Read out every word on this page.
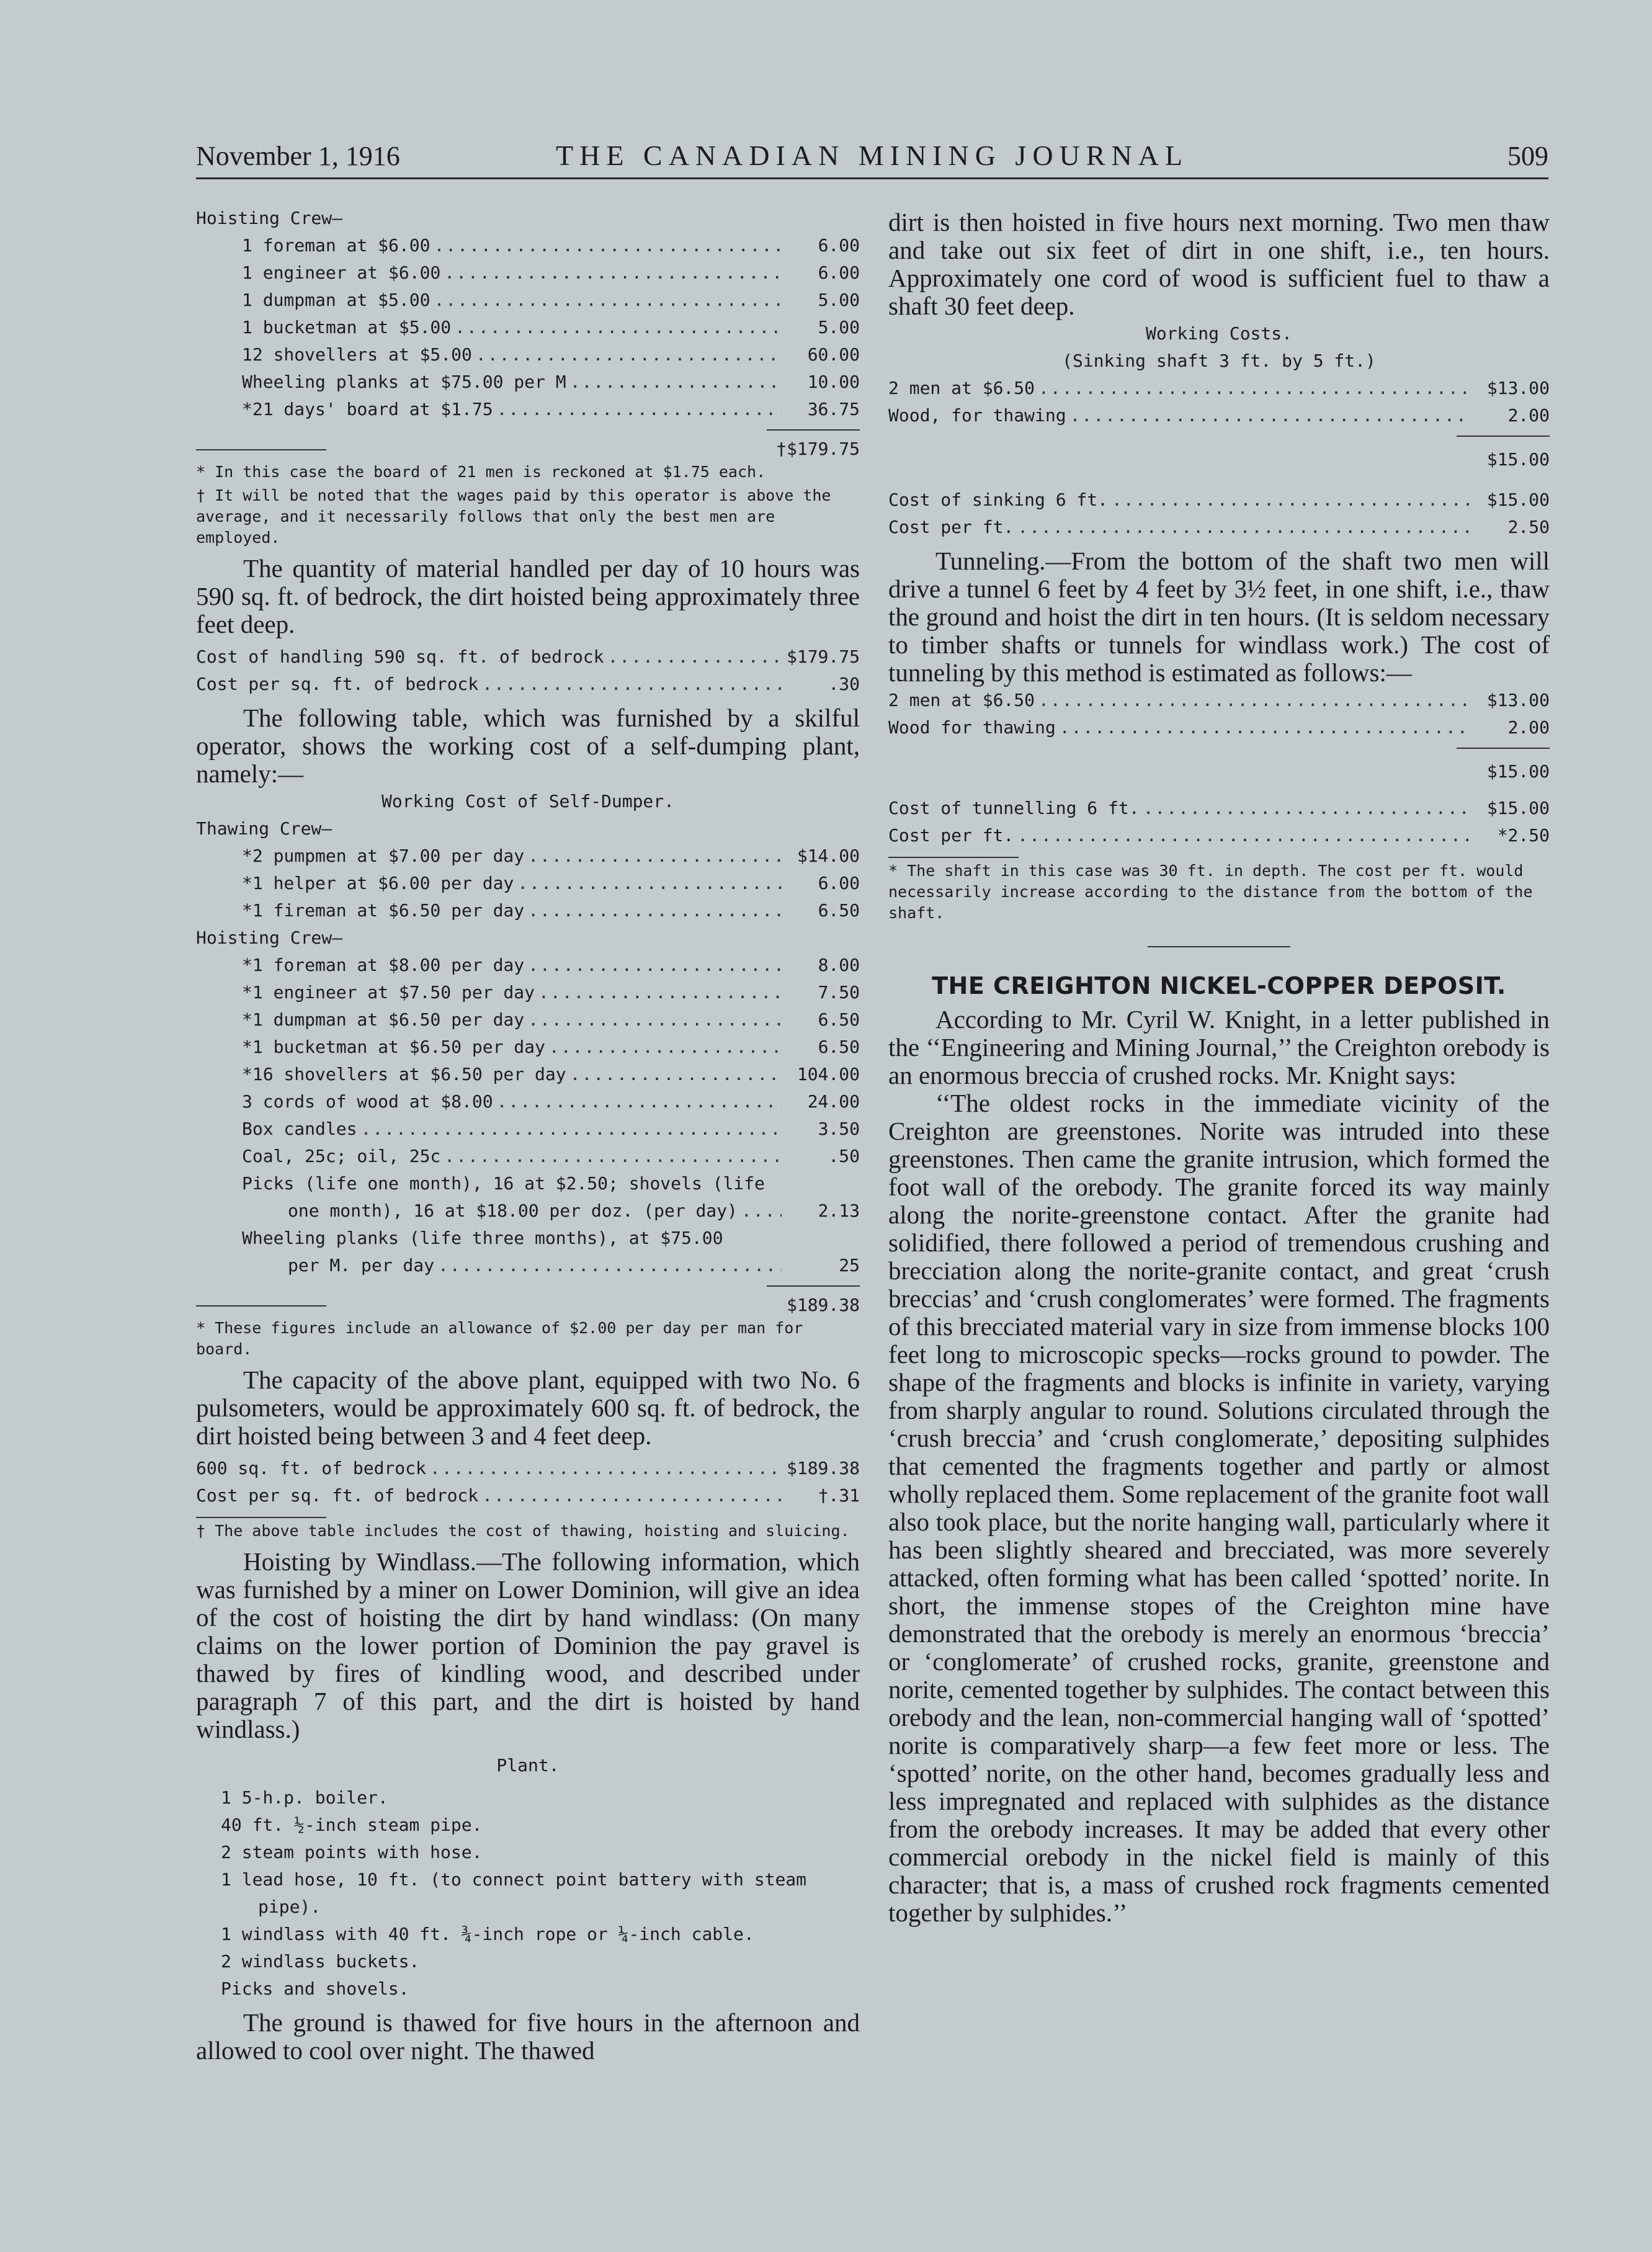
November 1, 1916	THE CANADIAN MINING JOURNAL	509
Hoisting Crew—
1 foreman at $6.00 .....	6.00
1 engineer at $6.00 .....	6.00
1 dumpman at $5.00 .....	5.00
1 bucketman at $5.00 .....	5.00
12 shovellers at $5.00 .....	60.00
Wheeling planks at $75.00 per M .....	10.00
*21 days' board at $1.75 .....	36.75
†$179.75

* In this case the board of 21 men is reckoned at $1.75 each.

† It will be noted that the wages paid by this operator is above the average, and it necessarily follows that only the best men are employed.

The quantity of material handled per day of 10 hours was 590 sq. ft. of bedrock, the dirt hoisted being approximately three feet deep.

Cost of handling 590 sq. ft. of bedrock .....	$179.75
Cost per sq. ft. of bedrock .....	.30

The following table, which was furnished by a skilful operator, shows the working cost of a self-dumping plant, namely:—

Working Cost of Self-Dumper.
Thawing Crew—
*2 pumpmen at $7.00 per day .....	$14.00
*1 helper at $6.00 per day .....	6.00
*1 fireman at $6.50 per day .....	6.50
Hoisting Crew—
*1 foreman at $8.00 per day .....	8.00
*1 engineer at $7.50 per day .....	7.50
*1 dumpman at $6.50 per day .....	6.50
*1 bucketman at $6.50 per day .....	6.50
*16 shovellers at $6.50 per day .....	104.00
3 cords of wood at $8.00 .....	24.00
Box candles .....	3.50
Coal, 25c; oil, 25c .....	.50
Picks (life one month), 16 at $2.50; shovels (life
one month), 16 at $18.00 per doz. (per day) .....	2.13
Wheeling planks (life three months), at $75.00
per M. per day .....	25
$189.38

* These figures include an allowance of $2.00 per day per man for board.

The capacity of the above plant, equipped with two No. 6 pulsometers, would be approximately 600 sq. ft. of bedrock, the dirt hoisted being between 3 and 4 feet deep.

600 sq. ft. of bedrock .....	$189.38
Cost per sq. ft. of bedrock .....	†.31

† The above table includes the cost of thawing, hoisting and sluicing.

Hoisting by Windlass.—The following information, which was furnished by a miner on Lower Dominion, will give an idea of the cost of hoisting the dirt by hand windlass: (On many claims on the lower portion of Dominion the pay gravel is thawed by fires of kindling wood, and described under paragraph 7 of this part, and the dirt is hoisted by hand windlass.)

Plant.
1 5-h.p. boiler.
40 ft. ½-inch steam pipe.
2 steam points with hose.
1 lead hose, 10 ft. (to connect point battery with steam
pipe).
1 windlass with 40 ft. ¾-inch rope or ¼-inch cable.
2 windlass buckets.
Picks and shovels.

The ground is thawed for five hours in the afternoon and allowed to cool over night. The thawed

dirt is then hoisted in five hours next morning. Two men thaw and take out six feet of dirt in one shift, i.e., ten hours. Approximately one cord of wood is sufficient fuel to thaw a shaft 30 feet deep.

Working Costs.
(Sinking shaft 3 ft. by 5 ft.)
2 men at $6.50 .....	$13.00
Wood, for thawing .....	2.00
$15.00
Cost of sinking 6 ft. .....	$15.00
Cost per ft. .....	2.50

Tunneling.—From the bottom of the shaft two men will drive a tunnel 6 feet by 4 feet by 3½ feet, in one shift, i.e., thaw the ground and hoist the dirt in ten hours. (It is seldom necessary to timber shafts or tunnels for windlass work.) The cost of tunneling by this method is estimated as follows:—

2 men at $6.50 .....	$13.00
Wood for thawing .....	2.00
$15.00
Cost of tunnelling 6 ft. .....	$15.00
Cost per ft. .....	*2.50

* The shaft in this case was 30 ft. in depth. The cost per ft. would necessarily increase according to the distance from the bottom of the shaft.

THE CREIGHTON NICKEL-COPPER DEPOSIT.

According to Mr. Cyril W. Knight, in a letter published in the ‘‘Engineering and Mining Journal,’’ the Creighton orebody is an enormous breccia of crushed rocks. Mr. Knight says:

‘‘The oldest rocks in the immediate vicinity of the Creighton are greenstones. Norite was intruded into these greenstones. Then came the granite intrusion, which formed the foot wall of the orebody. The granite forced its way mainly along the norite-greenstone contact. After the granite had solidified, there followed a period of tremendous crushing and brecciation along the norite-granite contact, and great ‘crush breccias’ and ‘crush conglomerates’ were formed. The fragments of this brecciated material vary in size from immense blocks 100 feet long to microscopic specks—rocks ground to powder. The shape of the fragments and blocks is infinite in variety, varying from sharply angular to round. Solutions circulated through the ‘crush breccia’ and ‘crush conglomerate,’ depositing sulphides that cemented the fragments together and partly or almost wholly replaced them. Some replacement of the granite foot wall also took place, but the norite hanging wall, particularly where it has been slightly sheared and brecciated, was more severely attacked, often forming what has been called ‘spotted’ norite. In short, the immense stopes of the Creighton mine have demonstrated that the orebody is merely an enormous ‘breccia’ or ‘conglomerate’ of crushed rocks, granite, greenstone and norite, cemented together by sulphides. The contact between this orebody and the lean, non-commercial hanging wall of ‘spotted’ norite is comparatively sharp—a few feet more or less. The ‘spotted’ norite, on the other hand, becomes gradually less and less impregnated and replaced with sulphides as the distance from the orebody increases. It may be added that every other commercial orebody in the nickel field is mainly of this character; that is, a mass of crushed rock fragments cemented together by sulphides.’’
